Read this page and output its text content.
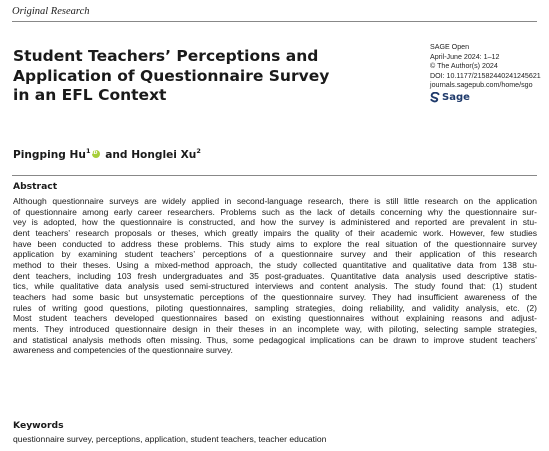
Original Research
Student Teachers’ Perceptions and
Application of Questionnaire Survey
in an EFL Context
SAGE Open
April-June 2024: 1–12
© The Author(s) 2024
DOI: 10.1177/21582440241245621
journals.sagepub.com/home/sgo
Sage
Pingping Hu$^1$iD and Honglei Xu$^2$
Abstract
Although questionnaire surveys are widely applied in second-language research, there is still little research on the application
of questionnaire among early career researchers. Problems such as the lack of details concerning why the questionnaire sur-
vey is adopted, how the questionnaire is constructed, and how the survey is administered and reported are prevalent in stu-
dent teachers’ research proposals or theses, which greatly impairs the quality of their academic work. However, few studies
have been conducted to address these problems. This study aims to explore the real situation of the questionnaire survey
application by examining student teachers’ perceptions of a questionnaire survey and their application of this research
method to their theses. Using a mixed-method approach, the study collected quantitative and qualitative data from 138 stu-
dent teachers, including 103 fresh undergraduates and 35 post-graduates. Quantitative data analysis used descriptive statis-
tics, while qualitative data analysis used semi-structured interviews and content analysis. The study found that: (1) student
teachers had some basic but unsystematic perceptions of the questionnaire survey. They had insufficient awareness of the
rules of writing good questions, piloting questionnaires, sampling strategies, doing reliability, and validity analysis, etc. (2)
Most student teachers developed questionnaires based on existing questionnaires without explaining reasons and adjust-
ments. They introduced questionnaire design in their theses in an incomplete way, with piloting, selecting sample strategies,
and statistical analysis methods often missing. Thus, some pedagogical implications can be drawn to improve student teachers’
awareness and competencies of the questionnaire survey.
Keywords
questionnaire survey, perceptions, application, student teachers, teacher education
